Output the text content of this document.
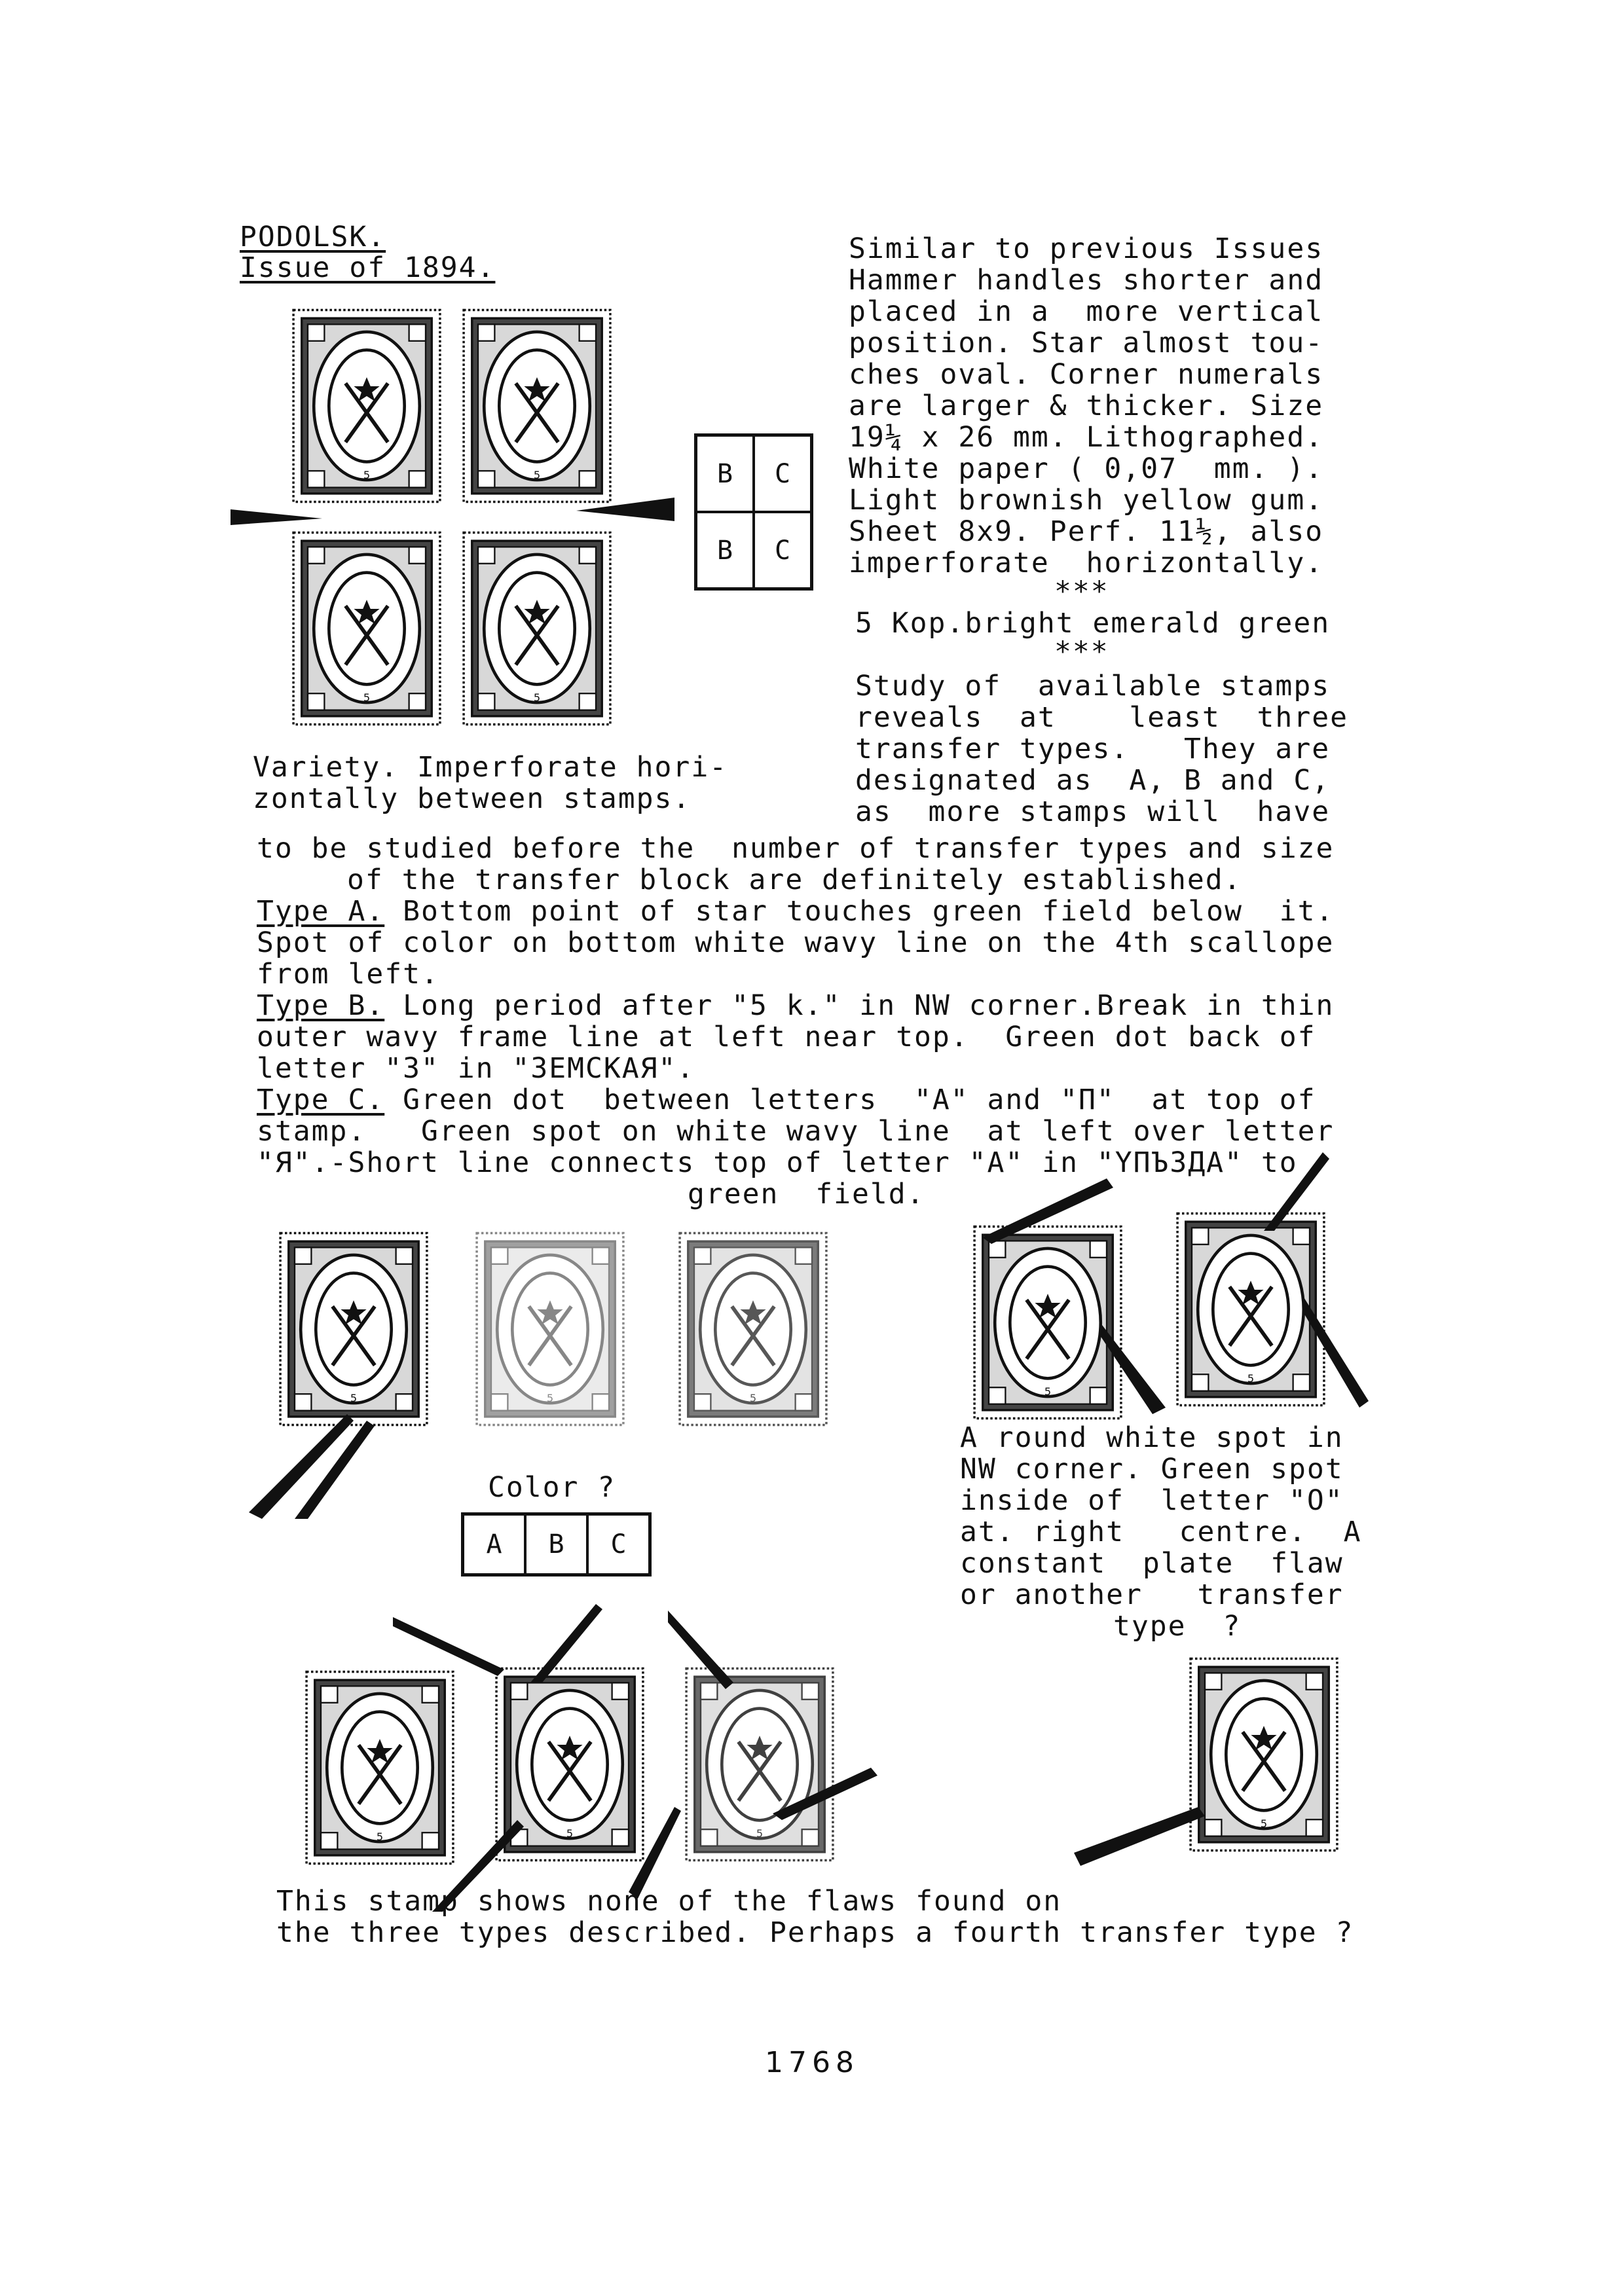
PODOLSK.
Issue of 1894.
B	C
B	C
Similar to previous Issues
Hammer handles shorter and
placed in a  more vertical
position. Star almost tou-
ches oval. Corner numerals
are larger & thicker. Size
19¼ x 26 mm. Lithographed.
White paper ( 0,07  mm. ).
Light brownish yellow gum.
Sheet 8x9. Perf. 11½, also
imperforate  horizontally.
***
5 Kop.bright emerald green
***
Study of  available stamps
reveals  at    least  three
transfer types.   They are
designated as  A, B and C,
as  more stamps will  have
Variety. Imperforate hori-
zontally between stamps.
to be studied before the  number of transfer types and size
of the transfer block are definitely established.
Type A. Bottom point of star touches green field below  it.
Spot of color on bottom white wavy line on the 4th scallope
from left.
Type B. Long period after "5 k." in NW corner.Break in thin
outer wavy frame line at left near top.  Green dot back of
letter "3" in "3EMCKAЯ".
Type C. Green dot  between letters  "A" and "П"  at top of
stamp.   Green spot on white wavy line  at left over letter
"Я".-Short line connects top of letter "A" in "YПЪ3ДA" to
green  field.
Color ?
A	B	C
A round white spot in
NW corner. Green spot
inside of  letter "O"
at. right   centre.  A
constant  plate  flaw
or another   transfer
type  ?
This stamp shows none of the flaws found on
the three types described. Perhaps a fourth transfer type ?
1768
